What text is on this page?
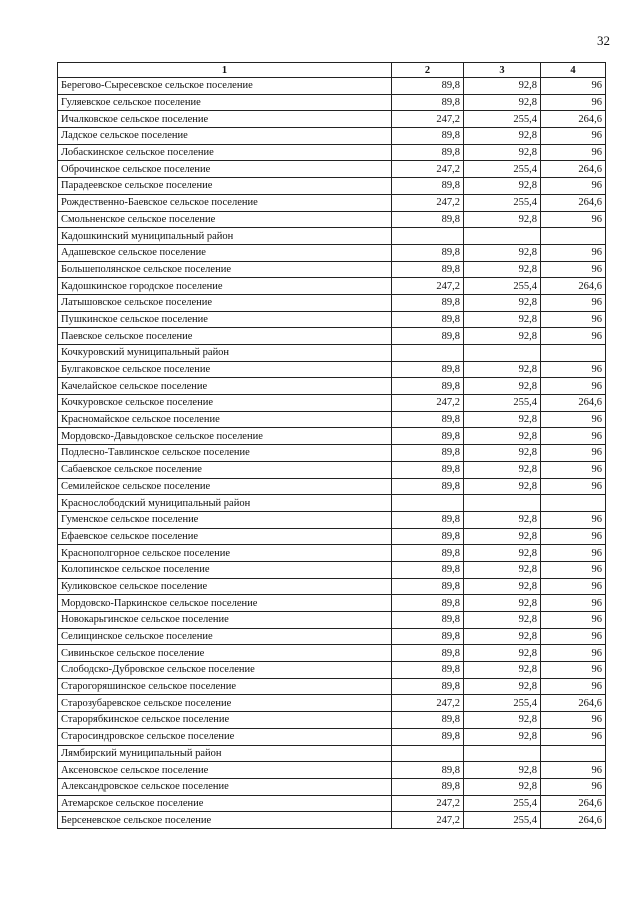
32
1	2	3	4
Берегово-Сыресевское сельское поселение	89,8	92,8	96
Гуляевское сельское поселение	89,8	92,8	96
Ичалковское сельское поселение	247,2	255,4	264,6
Ладское сельское поселение	89,8	92,8	96
Лобаскинское сельское поселение	89,8	92,8	96
Оброчинское сельское поселение	247,2	255,4	264,6
Парадеевское сельское поселение	89,8	92,8	96
Рождественно-Баевское сельское поселение	247,2	255,4	264,6
Смольненское сельское поселение	89,8	92,8	96
Кадошкинский муниципальный район			
Адашевское сельское поселение	89,8	92,8	96
Большеполянское сельское поселение	89,8	92,8	96
Кадошкинское городское поселение	247,2	255,4	264,6
Латышовское сельское поселение	89,8	92,8	96
Пушкинское сельское поселение	89,8	92,8	96
Паевское сельское поселение	89,8	92,8	96
Кочкуровский муниципальный район			
Булгаковское сельское поселение	89,8	92,8	96
Качелайское сельское поселение	89,8	92,8	96
Кочкуровское сельское поселение	247,2	255,4	264,6
Красномайское сельское поселение	89,8	92,8	96
Мордовско-Давыдовское сельское поселение	89,8	92,8	96
Подлесно-Тавлинское сельское поселение	89,8	92,8	96
Сабаевское сельское поселение	89,8	92,8	96
Семилейское сельское поселение	89,8	92,8	96
Краснослободский муниципальный район			
Гуменское сельское поселение	89,8	92,8	96
Ефаевское сельское поселение	89,8	92,8	96
Краснополгорное сельское поселение	89,8	92,8	96
Колопинское сельское поселение	89,8	92,8	96
Куликовское сельское поселение	89,8	92,8	96
Мордовско-Паркинское сельское поселение	89,8	92,8	96
Новокарьгинское сельское поселение	89,8	92,8	96
Селищинское сельское поселение	89,8	92,8	96
Сивиньское сельское поселение	89,8	92,8	96
Слободско-Дубровское сельское поселение	89,8	92,8	96
Старогоряшинское сельское поселение	89,8	92,8	96
Старозубаревское сельское поселение	247,2	255,4	264,6
Старорябкинское сельское поселение	89,8	92,8	96
Старосиндровское сельское поселение	89,8	92,8	96
Лямбирский муниципальный район			
Аксеновское сельское поселение	89,8	92,8	96
Александровское сельское поселение	89,8	92,8	96
Атемарское сельское поселение	247,2	255,4	264,6
Берсеневское сельское поселение	247,2	255,4	264,6
